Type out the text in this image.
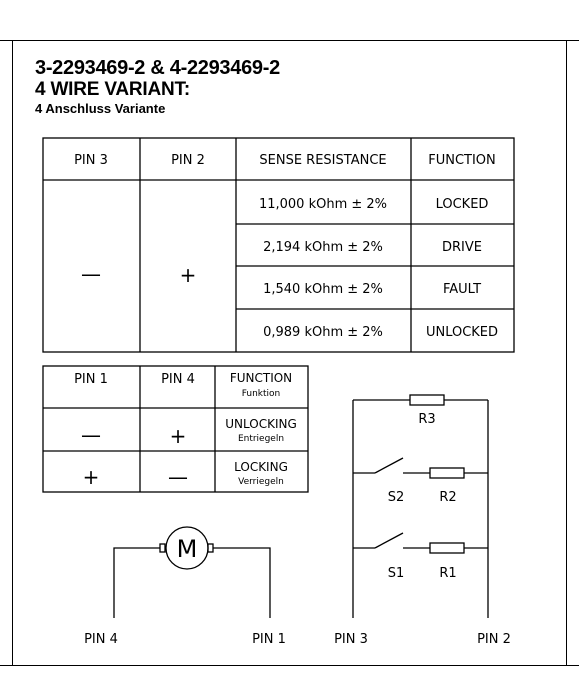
3-2293469-2 & 4-2293469-2
4 WIRE VARIANT:
4 Anschluss Variante
PIN 3	PIN 2	SENSE RESISTANCE	FUNCTION
—	+
11,000 kOhm ± 2%	LOCKED
2,194 kOhm ± 2%	DRIVE
1,540 kOhm ± 2%	FAULT
0,989 kOhm ± 2%	UNLOCKED
PIN 1	PIN 4	FUNCTION
Funktion
—	+	UNLOCKING
Entriegeln
+	—	LOCKING
Verriegeln
M
PIN 4	PIN 1
R3
R2
R1
S2
S1
PIN 3	PIN 2
